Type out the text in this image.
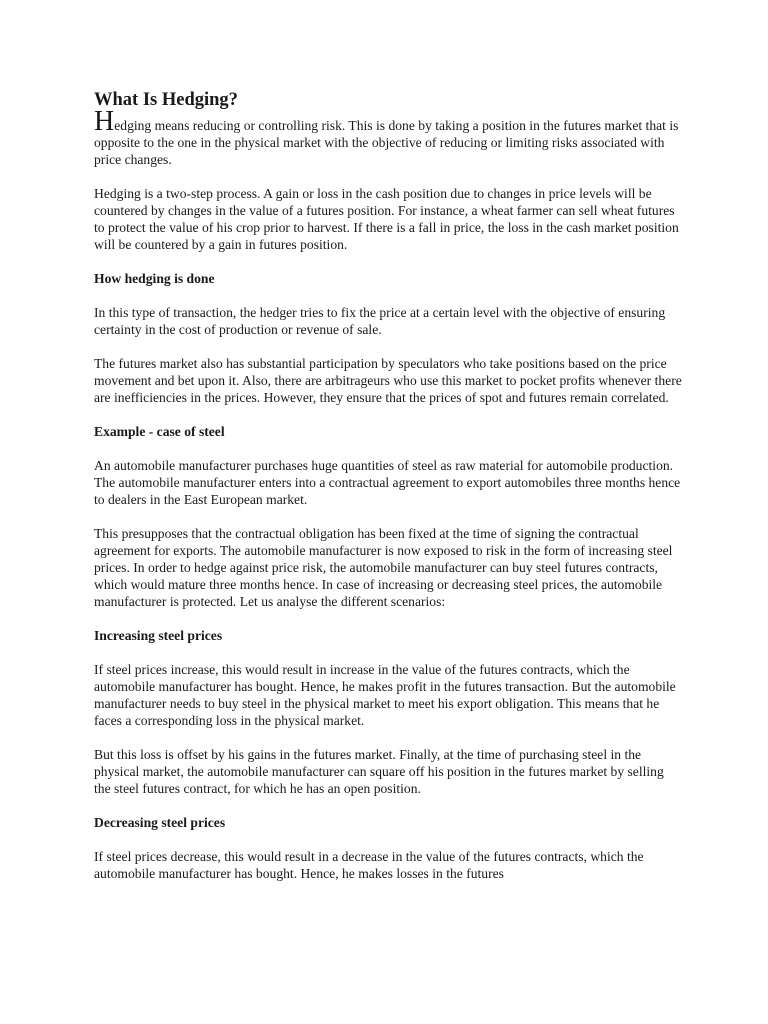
What Is Hedging?

Hedging means reducing or controlling risk. This is done by taking a position in the futures market that is opposite to the one in the physical market with the objective of reducing or limiting risks associated with price changes.

Hedging is a two-step process. A gain or loss in the cash position due to changes in price levels will be countered by changes in the value of a futures position. For instance, a wheat farmer can sell wheat futures to protect the value of his crop prior to harvest. If there is a fall in price, the loss in the cash market position will be countered by a gain in futures position.

How hedging is done

In this type of transaction, the hedger tries to fix the price at a certain level with the objective of ensuring certainty in the cost of production or revenue of sale.

The futures market also has substantial participation by speculators who take positions based on the price movement and bet upon it. Also, there are arbitrageurs who use this market to pocket profits whenever there are inefficiencies in the prices. However, they ensure that the prices of spot and futures remain correlated.

Example - case of steel

An automobile manufacturer purchases huge quantities of steel as raw material for automobile production. The automobile manufacturer enters into a contractual agreement to export automobiles three months hence to dealers in the East European market.

This presupposes that the contractual obligation has been fixed at the time of signing the contractual agreement for exports. The automobile manufacturer is now exposed to risk in the form of increasing steel prices. In order to hedge against price risk, the automobile manufacturer can buy steel futures contracts, which would mature three months hence. In case of increasing or decreasing steel prices, the automobile manufacturer is protected. Let us analyse the different scenarios:

Increasing steel prices

If steel prices increase, this would result in increase in the value of the futures contracts, which the automobile manufacturer has bought. Hence, he makes profit in the futures transaction. But the automobile manufacturer needs to buy steel in the physical market to meet his export obligation. This means that he faces a corresponding loss in the physical market.

But this loss is offset by his gains in the futures market. Finally, at the time of purchasing steel in the physical market, the automobile manufacturer can square off his position in the futures market by selling the steel futures contract, for which he has an open position.

Decreasing steel prices

If steel prices decrease, this would result in a decrease in the value of the futures contracts, which the automobile manufacturer has bought. Hence, he makes losses in the futures
